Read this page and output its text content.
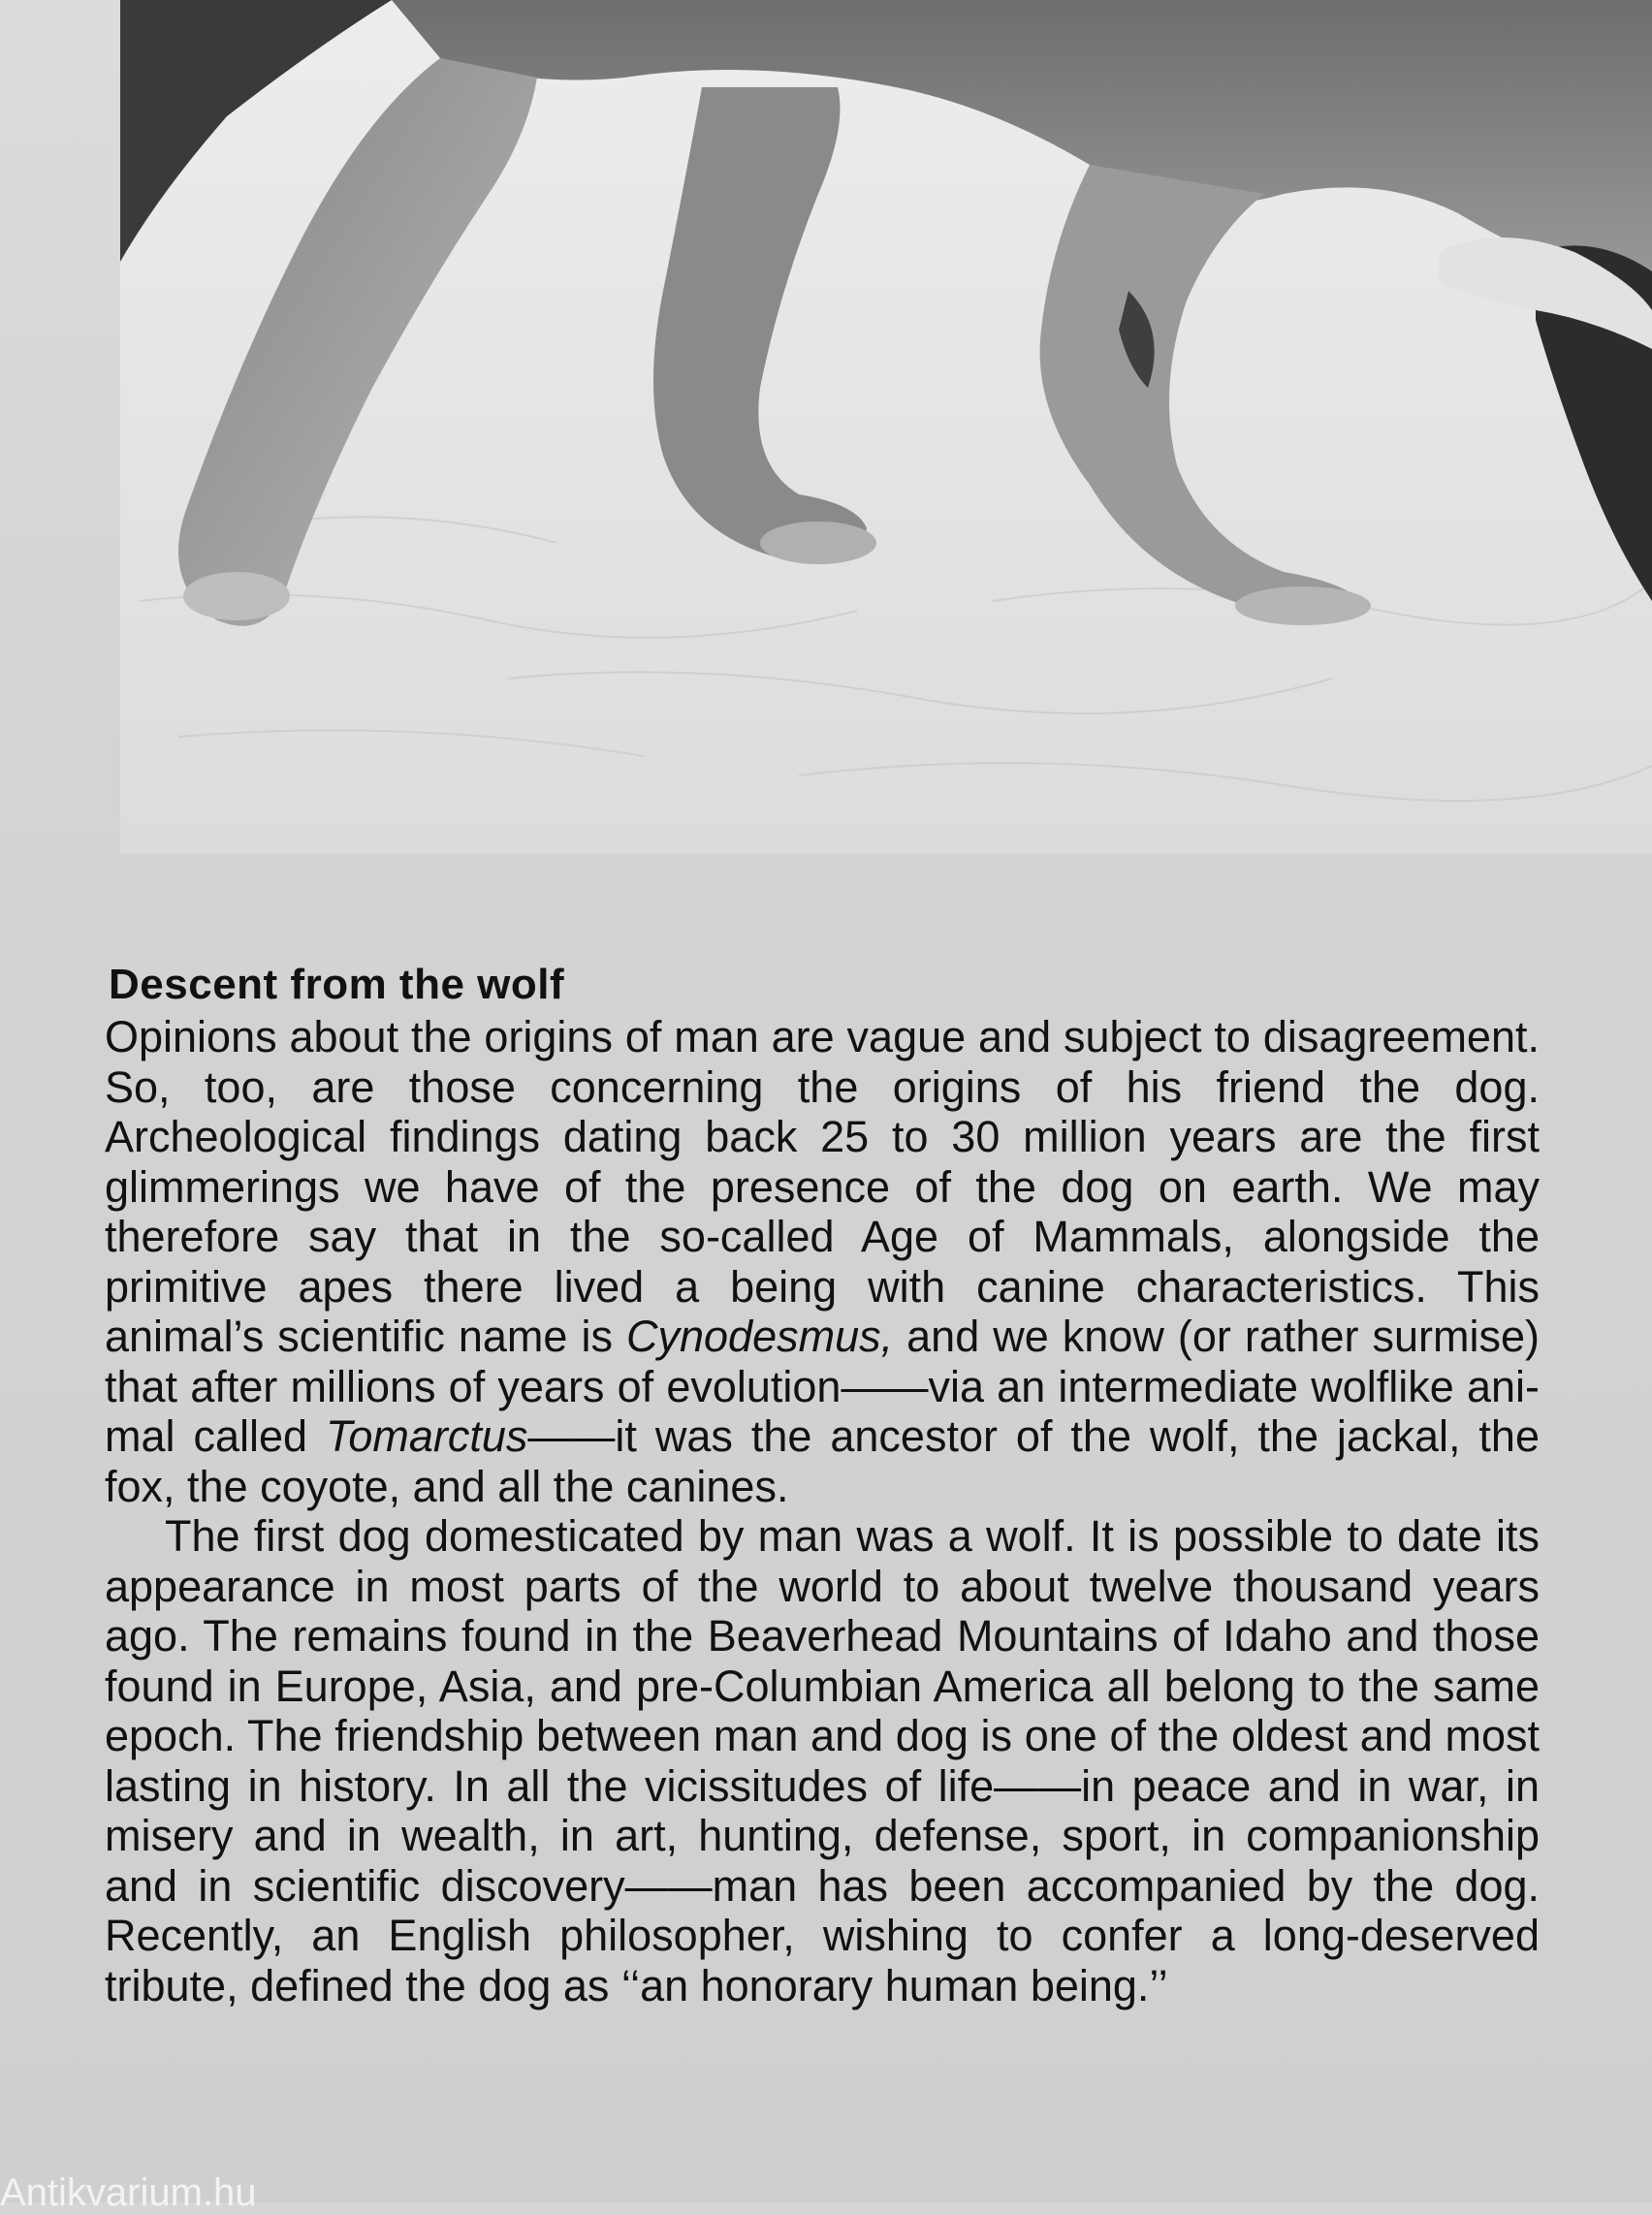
Descent from the wolf

Opinions about the origins of man are vague and subject to disagreement. So, too, are those concerning the origins of his friend the dog. Archeological findings dating back 25 to 30 million years are the first glimmerings we have of the presence of the dog on earth. We may therefore say that in the so-called Age of Mammals, alongside the primitive apes there lived a being with canine characteristics. This animal’s scientific name is Cynodesmus, and we know (or rather surmise) that after millions of years of evolution——via an intermediate wolflike animal called Tomarctus——it was the ancestor of the wolf, the jackal, the fox, the coyote, and all the canines.

The first dog domesticated by man was a wolf. It is possible to date its appearance in most parts of the world to about twelve thousand years ago. The remains found in the Beaverhead Mountains of Idaho and those found in Europe, Asia, and pre-Columbian America all belong to the same epoch. The friendship between man and dog is one of the oldest and most lasting in history. In all the vicissitudes of life——in peace and in war, in misery and in wealth, in art, hunting, defense, sport, in companionship and in scientific discovery——man has been accompanied by the dog. Recently, an English philosopher, wishing to confer a long-deserved tribute, defined the dog as ‘‘an honorary human being.’’

Antikvarium.hu
